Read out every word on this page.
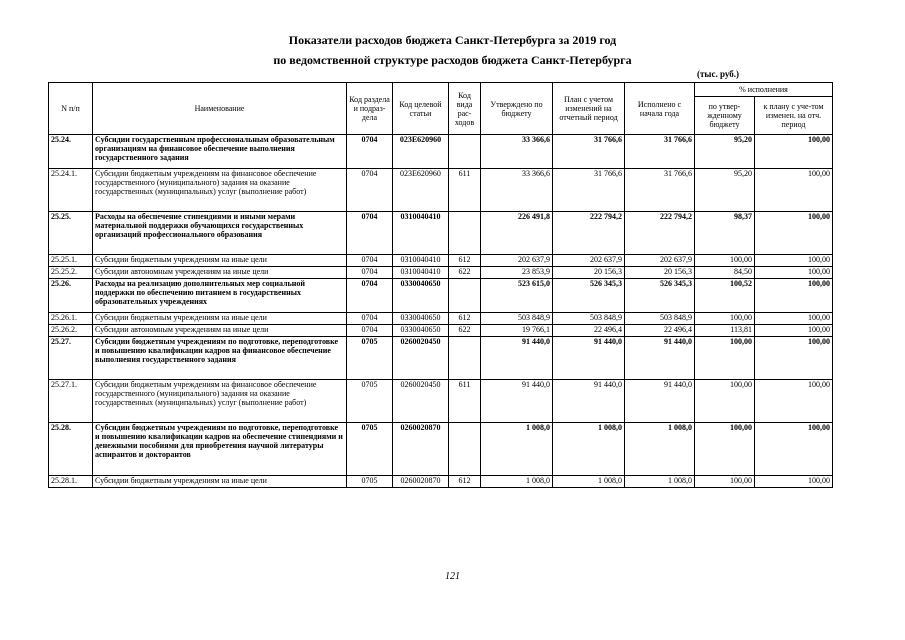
Показатели расходов бюджета Санкт-Петербурга за 2019 год
по ведомственной структуре расходов бюджета Санкт-Петербурга
(тыс. руб.)
N п/п	Наименование	Код раздела и подраз-дела	Код целевой статьи	Код вида рас-ходов	Утверждено по бюджету	План с учетом изменений на отчетный период	Исполнено с начала года	% исполнения	
								по утвер-жденному бюджету	к плану с уче-том изменен. на отч. период
25.24.	Субсидии государственным профессиональным образовательным организациям на финансовое обеспечение выполнения государственного задания	0704	023Е620960		33 366,6	31 766,6	31 766,6	95,20	100,00
25.24.1.	Субсидии бюджетным учреждениям на финансовое обеспечение государственного (муниципального) задания на оказание государственных (муниципальных) услуг (выполнение работ)	0704	023Е620960	611	33 366,6	31 766,6	31 766,6	95,20	100,00
25.25.	Расходы на обеспечение стипендиями и иными мерами материальной поддержки обучающихся государственных организаций профессионального образования	0704	0310040410		226 491,8	222 794,2	222 794,2	98,37	100,00
25.25.1.	Субсидии бюджетным учреждениям на иные цели	0704	0310040410	612	202 637,9	202 637,9	202 637,9	100,00	100,00
25.25.2.	Субсидии автономным учреждениям на иные цели	0704	0310040410	622	23 853,9	20 156,3	20 156,3	84,50	100,00
25.26.	Расходы на реализацию дополнительных мер социальной поддержки по обеспечению питанием в государственных образовательных учреждениях	0704	0330040650		523 615,0	526 345,3	526 345,3	100,52	100,00
25.26.1.	Субсидии бюджетным учреждениям на иные цели	0704	0330040650	612	503 848,9	503 848,9	503 848,9	100,00	100,00
25.26.2.	Субсидии автономным учреждениям на иные цели	0704	0330040650	622	19 766,1	22 496,4	22 496,4	113,81	100,00
25.27.	Субсидии бюджетным учреждениям по подготовке, переподготовке и повышению квалификации кадров на финансовое обеспечение выполнения государственного задания	0705	0260020450		91 440,0	91 440,0	91 440,0	100,00	100,00
25.27.1.	Субсидии бюджетным учреждениям на финансовое обеспечение государственного (муниципального) задания на оказание государственных (муниципальных) услуг (выполнение работ)	0705	0260020450	611	91 440,0	91 440,0	91 440,0	100,00	100,00
25.28.	Субсидии бюджетным учреждениям по подготовке, переподготовке и повышению квалификации кадров на обеспечение стипендиями и денежными пособиями для приобретения научной литературы аспирантов и докторантов	0705	0260020870		1 008,0	1 008,0	1 008,0	100,00	100,00
25.28.1.	Субсидии бюджетным учреждениям на иные цели	0705	0260020870	612	1 008,0	1 008,0	1 008,0	100,00	100,00
121
